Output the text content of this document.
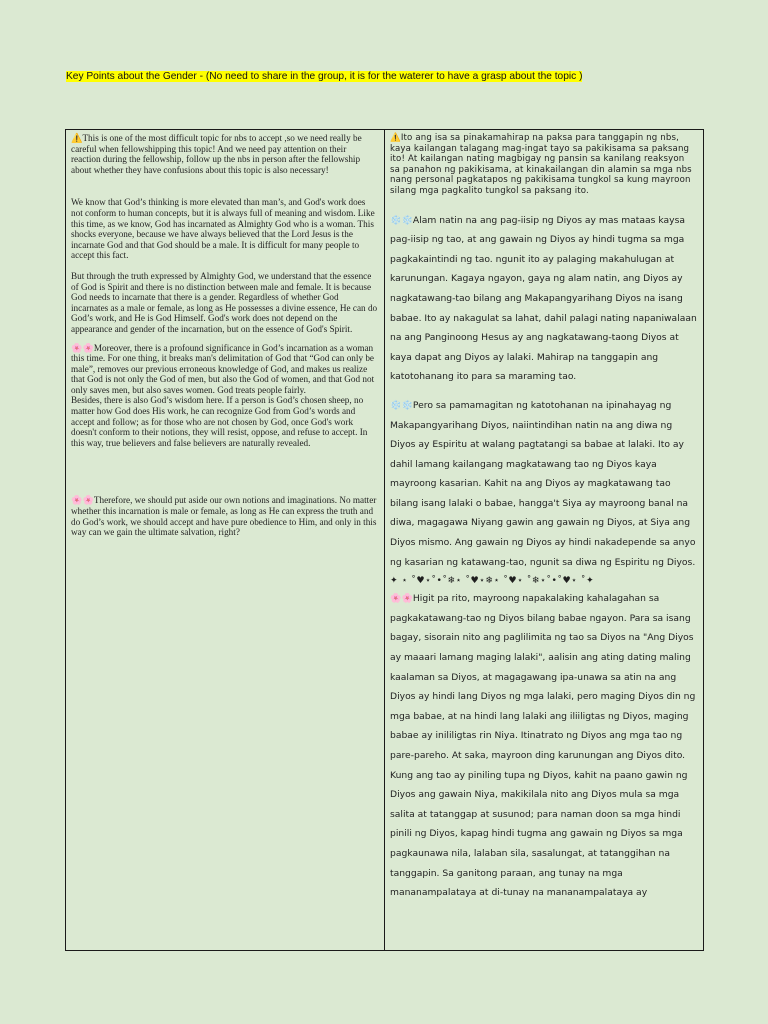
Key Points about the Gender - (No need to share in the group, it is for the waterer to have a grasp about the topic )

⚠️This is one of the most difficult topic for nbs to accept ,so we need really be careful when fellowshipping this topic! And we need pay attention on their reaction during the fellowship, follow up the nbs in person after the fellowship about whether they have confusions about this topic is also necessary!

We know that God’s thinking is more elevated than man’s, and God's work does not conform to human concepts, but it is always full of meaning and wisdom. Like this time, as we know, God has incarnated as Almighty God who is a woman. This shocks everyone, because we have always believed that the Lord Jesus is the incarnate God and that God should be a male. It is difficult for many people to accept this fact.

But through the truth expressed by Almighty God, we understand that the essence of God is Spirit and there is no distinction between male and female. It is because God needs to incarnate that there is a gender. Regardless of whether God incarnates as a male or female, as long as He possesses a divine essence, He can do God’s work, and He is God Himself. God's work does not depend on the appearance and gender of the incarnation, but on the essence of God's Spirit.

🌸🌸Moreover, there is a profound significance in God’s incarnation as a woman this time. For one thing, it breaks man's delimitation of God that “God can only be male”, removes our previous erroneous knowledge of God, and makes us realize that God is not only the God of men, but also the God of women, and that God not only saves men, but also saves women. God treats people fairly.

Besides, there is also God’s wisdom here. If a person is God’s chosen sheep, no matter how God does His work, he can recognize God from God’s words and accept and follow; as for those who are not chosen by God, once God's work doesn't conform to their notions, they will resist, oppose, and refuse to accept. In this way, true believers and false believers are naturally revealed.

🌸🌸Therefore, we should put aside our own notions and imaginations. No matter whether this incarnation is male or female, as long as He can express the truth and do God’s work, we should accept and have pure obedience to Him, and only in this way can we gain the ultimate salvation, right?

⚠️Ito ang isa sa pinakamahirap na paksa para tanggapin ng nbs, kaya kailangan talagang mag-ingat tayo sa pakikisama sa paksang ito! At kailangan nating magbigay ng pansin sa kanilang reaksyon sa panahon ng pakikisama, at kinakailangan din alamin sa mga nbs nang personal pagkatapos ng pakikisama tungkol sa kung mayroon silang mga pagkalito tungkol sa paksang ito.

❄️❄️Alam natin na ang pag-iisip ng Diyos ay mas mataas kaysa pag-iisip ng tao, at ang gawain ng Diyos ay hindi tugma sa mga pagkakaintindi ng tao. ngunit ito ay palaging makahulugan at karunungan. Kagaya ngayon, gaya ng alam natin, ang Diyos ay nagkatawang-tao bilang ang Makapangyarihang Diyos na isang babae. Ito ay nakagulat sa lahat, dahil palagi nating napaniwalaan na ang Panginoong Hesus ay ang nagkatawang-taong Diyos at kaya dapat ang Diyos ay lalaki. Mahirap na tanggapin ang katotohanang ito para sa maraming tao.

❄️❄️Pero sa pamamagitan ng katotohanan na ipinahayag ng Makapangyarihang Diyos, naiintindihan natin na ang diwa ng Diyos ay Espiritu at walang pagtatangi sa babae at lalaki. Ito ay dahil lamang kailangang magkatawang tao ng Diyos kaya mayroong kasarian. Kahit na ang Diyos ay magkatawang tao bilang isang lalaki o babae, hangga't Siya ay mayroong banal na diwa, magagawa Niyang gawin ang gawain ng Diyos, at Siya ang Diyos mismo. Ang gawain ng Diyos ay hindi nakadepende sa anyo ng kasarian ng katawang-tao, ngunit sa diwa ng Espiritu ng Diyos.

✦ ⋆ ˚♥⋆˚•˚❄⋆ ˚♥⋆❄⋆ ˚♥⋆ ˚❄⋆˚•˚♥⋆ ˚✦

🌸🌸Higit pa rito, mayroong napakalaking kahalagahan sa pagkakatawang-tao ng Diyos bilang babae ngayon. Para sa isang bagay, sisorain nito ang paglilimita ng tao sa Diyos na "Ang Diyos ay maaari lamang maging lalaki", aalisin ang ating dating maling kaalaman sa Diyos, at magagawang ipa-unawa sa atin na ang Diyos ay hindi lang Diyos ng mga lalaki, pero maging Diyos din ng mga babae, at na hindi lang lalaki ang iliiligtas ng Diyos, maging babae ay inililigtas rin Niya. Itinatrato ng Diyos ang mga tao ng pare-pareho. At saka, mayroon ding karunungan ang Diyos dito. Kung ang tao ay piniling tupa ng Diyos, kahit na paano gawin ng Diyos ang gawain Niya, makikilala nito ang Diyos mula sa mga salita at tatanggap at susunod; para naman doon sa mga hindi pinili ng Diyos, kapag hindi tugma ang gawain ng Diyos sa mga pagkaunawa nila, lalaban sila, sasalungat, at tatanggihan na tanggapin. Sa ganitong paraan, ang tunay na mga mananampalataya at di-tunay na mananampalataya ay
